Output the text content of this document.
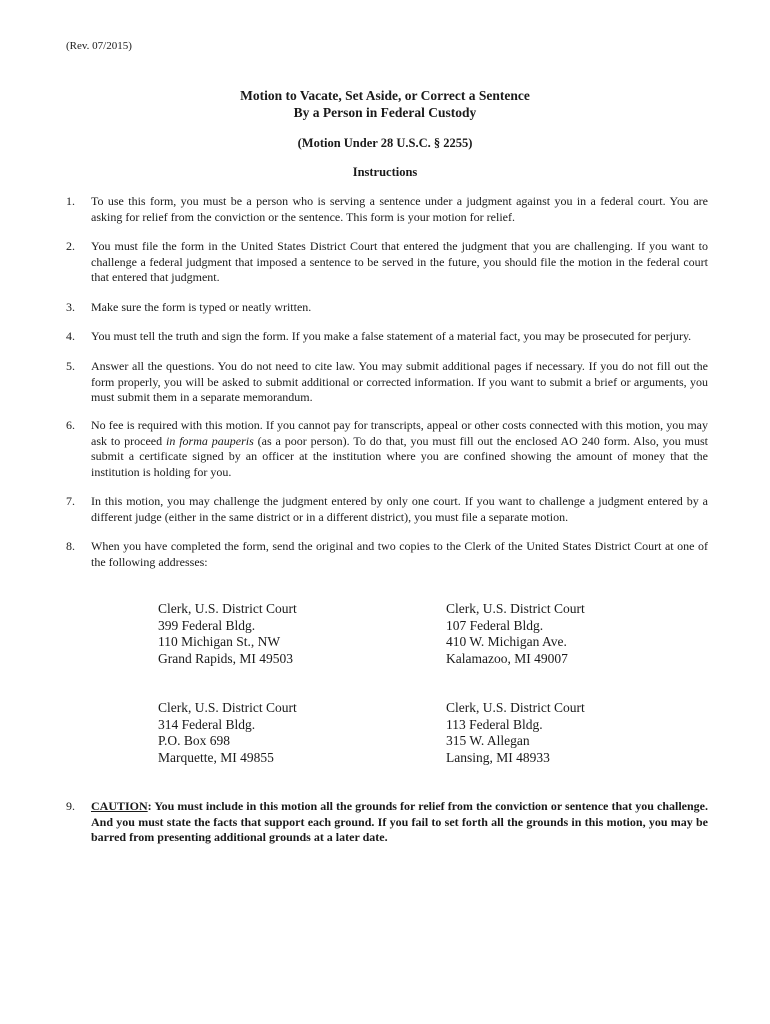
(Rev. 07/2015)
Motion to Vacate, Set Aside, or Correct a Sentence
By a Person in Federal Custody
(Motion Under 28 U.S.C. § 2255)
Instructions
1.	To use this form, you must be a person who is serving a sentence under a judgment against you in a federal court. You are asking for relief from the conviction or the sentence. This form is your motion for relief.
2.	You must file the form in the United States District Court that entered the judgment that you are challenging. If you want to challenge a federal judgment that imposed a sentence to be served in the future, you should file the motion in the federal court that entered that judgment.
3.	Make sure the form is typed or neatly written.
4.	You must tell the truth and sign the form. If you make a false statement of a material fact, you may be prosecuted for perjury.
5.	Answer all the questions. You do not need to cite law. You may submit additional pages if necessary. If you do not fill out the form properly, you will be asked to submit additional or corrected information. If you want to submit a brief or arguments, you must submit them in a separate memorandum.
6.	No fee is required with this motion. If you cannot pay for transcripts, appeal or other costs connected with this motion, you may ask to proceed in forma pauperis (as a poor person). To do that, you must fill out the enclosed AO 240 form. Also, you must submit a certificate signed by an officer at the institution where you are confined showing the amount of money that the institution is holding for you.
7.	In this motion, you may challenge the judgment entered by only one court. If you want to challenge a judgment entered by a different judge (either in the same district or in a different district), you must file a separate motion.
8.	When you have completed the form, send the original and two copies to the Clerk of the United States District Court at one of the following addresses:
Clerk, U.S. District Court
399 Federal Bldg.
110 Michigan St., NW
Grand Rapids, MI 49503
Clerk, U.S. District Court
107 Federal Bldg.
410 W. Michigan Ave.
Kalamazoo, MI 49007
Clerk, U.S. District Court
314 Federal Bldg.
P.O. Box 698
Marquette, MI 49855
Clerk, U.S. District Court
113 Federal Bldg.
315 W. Allegan
Lansing, MI 48933
9.	CAUTION: You must include in this motion all the grounds for relief from the conviction or sentence that you challenge. And you must state the facts that support each ground. If you fail to set forth all the grounds in this motion, you may be barred from presenting additional grounds at a later date.
